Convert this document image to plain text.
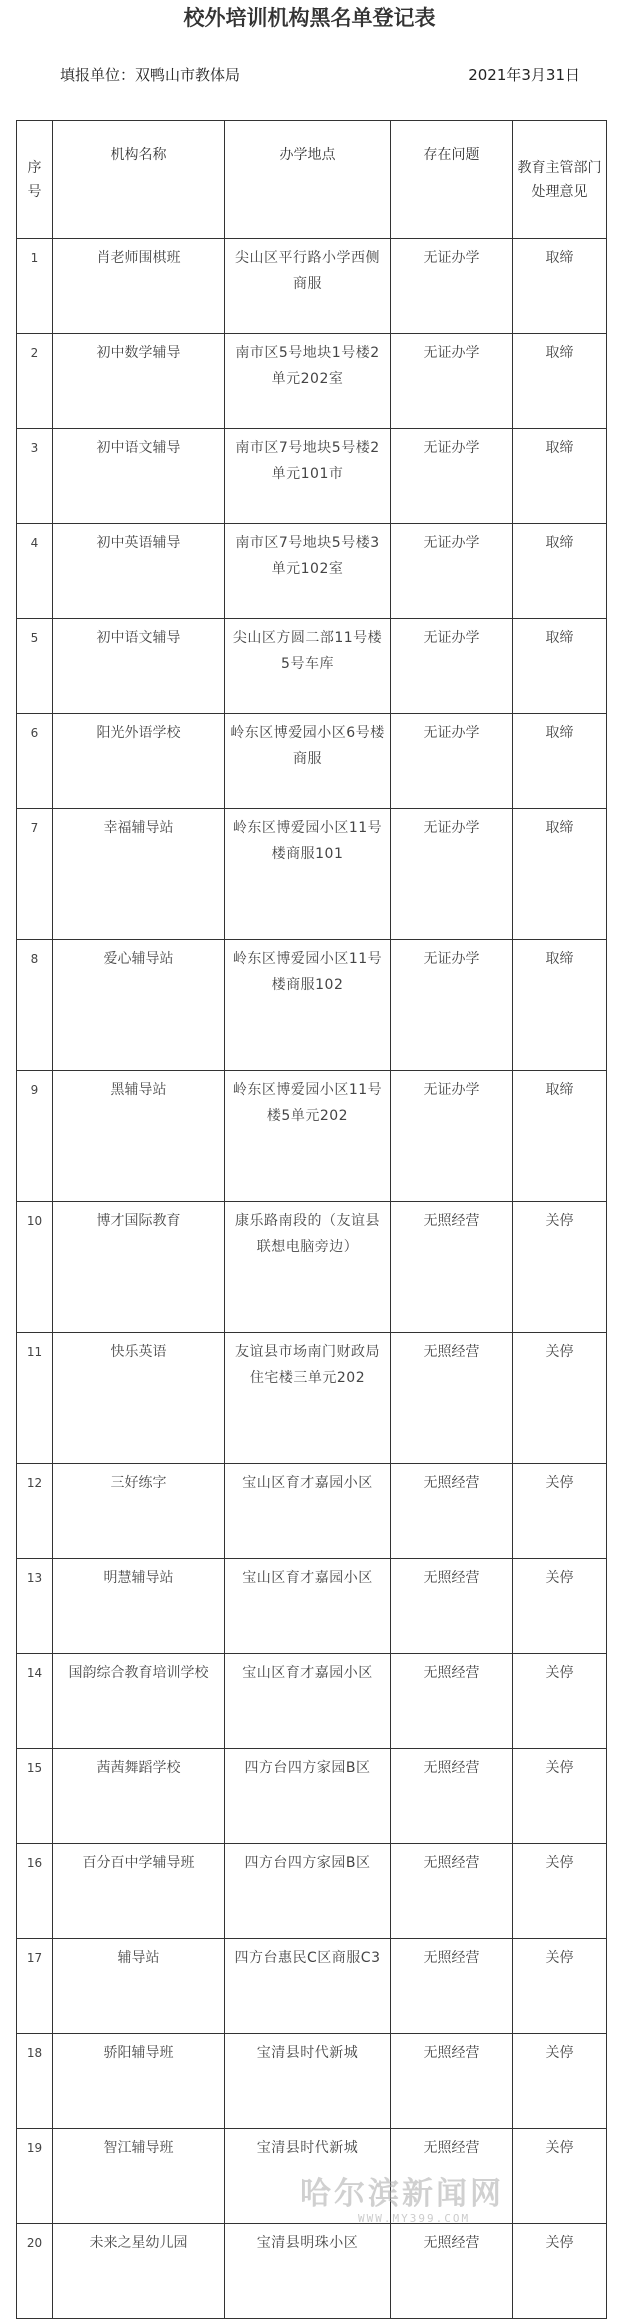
校外培训机构黑名单登记表
填报单位：双鸭山市教体局	2021年3月31日
序号	机构名称	办学地点	存在问题	教育主管部门处理意见
1	肖老师围棋班	尖山区平行路小学西侧商服	无证办学	取缔
2	初中数学辅导	南市区5号地块1号楼2单元202室	无证办学	取缔
3	初中语文辅导	南市区7号地块5号楼2单元101市	无证办学	取缔
4	初中英语辅导	南市区7号地块5号楼3单元102室	无证办学	取缔
5	初中语文辅导	尖山区方圆二部11号楼5号车库	无证办学	取缔
6	阳光外语学校	岭东区博爱园小区6号楼商服	无证办学	取缔
7	幸福辅导站	岭东区博爱园小区11号楼商服101	无证办学	取缔
8	爱心辅导站	岭东区博爱园小区11号楼商服102	无证办学	取缔
9	黑辅导站	岭东区博爱园小区11号楼5单元202	无证办学	取缔
10	博才国际教育	康乐路南段的（友谊县联想电脑旁边）	无照经营	关停
11	快乐英语	友谊县市场南门财政局住宅楼三单元202	无照经营	关停
12	三好练字	宝山区育才嘉园小区	无照经营	关停
13	明慧辅导站	宝山区育才嘉园小区	无照经营	关停
14	国韵综合教育培训学校	宝山区育才嘉园小区	无照经营	关停
15	茜茜舞蹈学校	四方台四方家园B区	无照经营	关停
16	百分百中学辅导班	四方台四方家园B区	无照经营	关停
17	辅导站	四方台惠民C区商服C3	无照经营	关停
18	骄阳辅导班	宝清县时代新城	无照经营	关停
19	智江辅导班	宝清县时代新城	无照经营	关停
20	未来之星幼儿园	宝清县明珠小区	无照经营	关停
哈尔滨新闻网
WWW.MY399.COM
